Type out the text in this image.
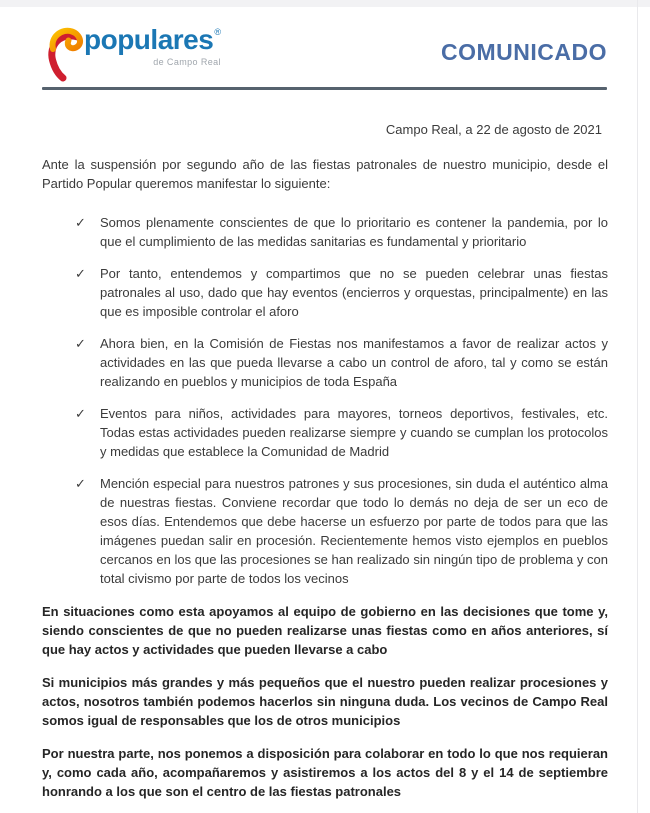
populares®
de Campo Real	COMUNICADO

Campo Real, a 22 de agosto de 2021

Ante la suspensión por segundo año de las fiestas patronales de nuestro municipio, desde el Partido Popular queremos manifestar lo siguiente:

✓	Somos plenamente conscientes de que lo prioritario es contener la pandemia, por lo que el cumplimiento de las medidas sanitarias es fundamental y prioritario
✓	Por tanto, entendemos y compartimos que no se pueden celebrar unas fiestas patronales al uso, dado que hay eventos (encierros y orquestas, principalmente) en las que es imposible controlar el aforo
✓	Ahora bien, en la Comisión de Fiestas nos manifestamos a favor de realizar actos y actividades en las que pueda llevarse a cabo un control de aforo, tal y como se están realizando en pueblos y municipios de toda España
✓	Eventos para niños, actividades para mayores, torneos deportivos, festivales, etc. Todas estas actividades pueden realizarse siempre y cuando se cumplan los protocolos y medidas que establece la Comunidad de Madrid
✓	Mención especial para nuestros patrones y sus procesiones, sin duda el auténtico alma de nuestras fiestas. Conviene recordar que todo lo demás no deja de ser un eco de esos días. Entendemos que debe hacerse un esfuerzo por parte de todos para que las imágenes puedan salir en procesión. Recientemente hemos visto ejemplos en pueblos cercanos en los que las procesiones se han realizado sin ningún tipo de problema y con total civismo por parte de todos los vecinos

En situaciones como esta apoyamos al equipo de gobierno en las decisiones que tome y, siendo conscientes de que no pueden realizarse unas fiestas como en años anteriores, sí que hay actos y actividades que pueden llevarse a cabo

Si municipios más grandes y más pequeños que el nuestro pueden realizar procesiones y actos, nosotros también podemos hacerlos sin ninguna duda. Los vecinos de Campo Real somos igual de responsables que los de otros municipios

Por nuestra parte, nos ponemos a disposición para colaborar en todo lo que nos requieran y, como cada año, acompañaremos y asistiremos a los actos del 8 y el 14 de septiembre honrando a los que son el centro de las fiestas patronales
